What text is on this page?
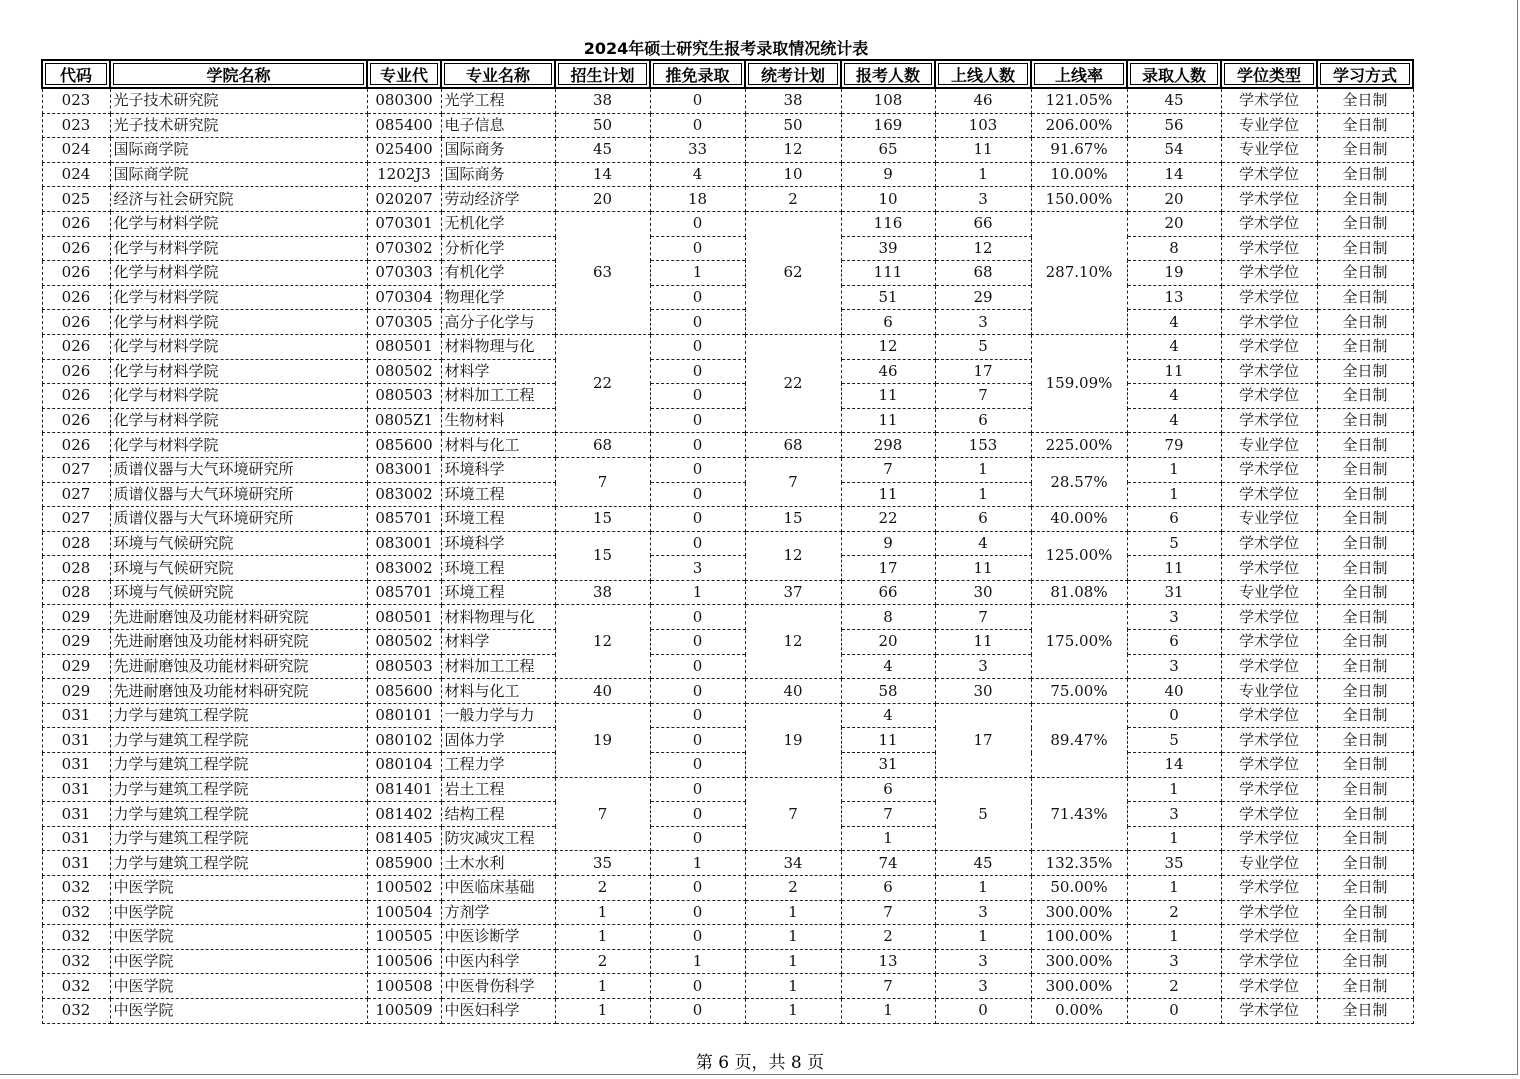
2024年硕士研究生报考录取情况统计表
代码	学院名称	专业代	专业名称	招生计划	推免录取	统考计划	报考人数	上线人数	上线率	录取人数	学位类型	学习方式
023	光子技术研究院	080300	光学工程	38	0	38	108	46	121.05%	45	学术学位	全日制
023	光子技术研究院	085400	电子信息	50	0	50	169	103	206.00%	56	专业学位	全日制
024	国际商学院	025400	国际商务	45	33	12	65	11	91.67%	54	专业学位	全日制
024	国际商学院	1202J3	国际商务	14	4	10	9	1	10.00%	14	学术学位	全日制
025	经济与社会研究院	020207	劳动经济学	20	18	2	10	3	150.00%	20	学术学位	全日制
026	化学与材料学院	070301	无机化学	63	0	62	116	66	287.10%	20	学术学位	全日制
026	化学与材料学院	070302	分析化学		0		39	12		8	学术学位	全日制
026	化学与材料学院	070303	有机化学		1		111	68		19	学术学位	全日制
026	化学与材料学院	070304	物理化学		0		51	29		13	学术学位	全日制
026	化学与材料学院	070305	高分子化学与		0		6	3		4	学术学位	全日制
026	化学与材料学院	080501	材料物理与化	22	0	22	12	5	159.09%	4	学术学位	全日制
026	化学与材料学院	080502	材料学		0		46	17		11	学术学位	全日制
026	化学与材料学院	080503	材料加工工程		0		11	7		4	学术学位	全日制
026	化学与材料学院	0805Z1	生物材料		0		11	6		4	学术学位	全日制
026	化学与材料学院	085600	材料与化工	68	0	68	298	153	225.00%	79	专业学位	全日制
027	质谱仪器与大气环境研究所	083001	环境科学	7	0	7	7	1	28.57%	1	学术学位	全日制
027	质谱仪器与大气环境研究所	083002	环境工程		0		11	1		1	学术学位	全日制
027	质谱仪器与大气环境研究所	085701	环境工程	15	0	15	22	6	40.00%	6	专业学位	全日制
028	环境与气候研究院	083001	环境科学	15	0	12	9	4	125.00%	5	学术学位	全日制
028	环境与气候研究院	083002	环境工程		3		17	11		11	学术学位	全日制
028	环境与气候研究院	085701	环境工程	38	1	37	66	30	81.08%	31	专业学位	全日制
029	先进耐磨蚀及功能材料研究院	080501	材料物理与化	12	0	12	8	7	175.00%	3	学术学位	全日制
029	先进耐磨蚀及功能材料研究院	080502	材料学		0		20	11		6	学术学位	全日制
029	先进耐磨蚀及功能材料研究院	080503	材料加工工程		0		4	3		3	学术学位	全日制
029	先进耐磨蚀及功能材料研究院	085600	材料与化工	40	0	40	58	30	75.00%	40	专业学位	全日制
031	力学与建筑工程学院	080101	一般力学与力	19	0	19	4	17	89.47%	0	学术学位	全日制
031	力学与建筑工程学院	080102	固体力学		0		11			5	学术学位	全日制
031	力学与建筑工程学院	080104	工程力学		0		31			14	学术学位	全日制
031	力学与建筑工程学院	081401	岩土工程	7	0	7	6	5	71.43%	1	学术学位	全日制
031	力学与建筑工程学院	081402	结构工程		0		7			3	学术学位	全日制
031	力学与建筑工程学院	081405	防灾减灾工程		0		1			1	学术学位	全日制
031	力学与建筑工程学院	085900	土木水利	35	1	34	74	45	132.35%	35	专业学位	全日制
032	中医学院	100502	中医临床基础	2	0	2	6	1	50.00%	1	学术学位	全日制
032	中医学院	100504	方剂学	1	0	1	7	3	300.00%	2	学术学位	全日制
032	中医学院	100505	中医诊断学	1	0	1	2	1	100.00%	1	学术学位	全日制
032	中医学院	100506	中医内科学	2	1	1	13	3	300.00%	3	学术学位	全日制
032	中医学院	100508	中医骨伤科学	1	0	1	7	3	300.00%	2	学术学位	全日制
032	中医学院	100509	中医妇科学	1	0	1	1	0	0.00%	0	学术学位	全日制
第 6 页，共 8 页
